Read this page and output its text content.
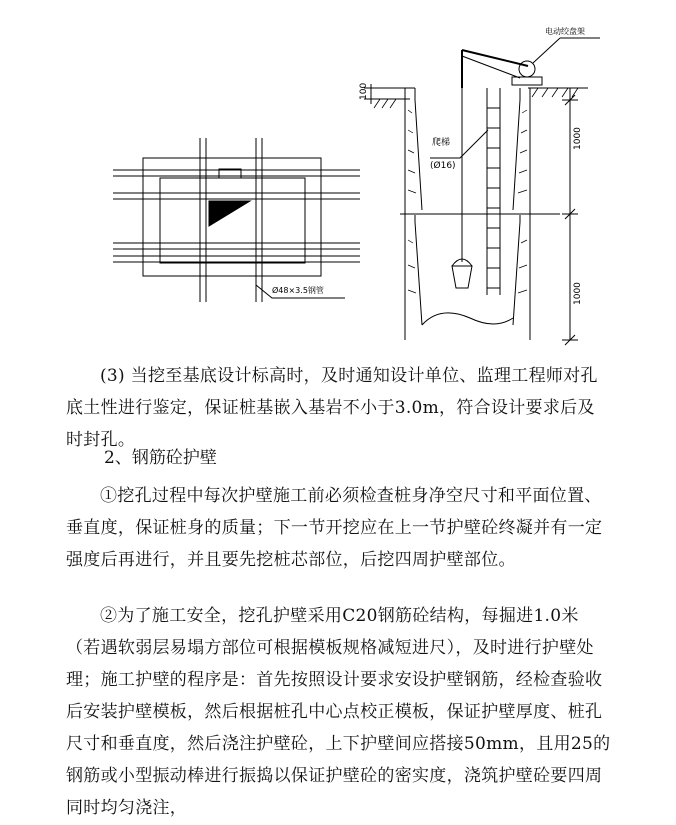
Ø48×3.5钢管
电动绞盘架
爬梯
(Ø16)
100
1000
1000

(3) 当挖至基底设计标高时，及时通知设计单位、监理工程师对孔底土性进行鉴定，保证桩基嵌入基岩不小于3.0m，符合设计要求后及时封孔。

2、钢筋砼护壁

①挖孔过程中每次护壁施工前必须检查桩身净空尺寸和平面位置、垂直度，保证桩身的质量；下一节开挖应在上一节护壁砼终凝并有一定强度后再进行，并且要先挖桩芯部位，后挖四周护壁部位。

②为了施工安全，挖孔护壁采用C20钢筋砼结构，每掘进1.0米（若遇软弱层易塌方部位可根据模板规格减短进尺），及时进行护壁处理；施工护壁的程序是：首先按照设计要求安设护壁钢筋，经检查验收后安装护壁模板，然后根据桩孔中心点校正模板，保证护壁厚度、桩孔尺寸和垂直度，然后浇注护壁砼，上下护壁间应搭接50mm，且用25的钢筋或小型振动棒进行振捣以保证护壁砼的密实度，浇筑护壁砼要四周同时均匀浇注，
